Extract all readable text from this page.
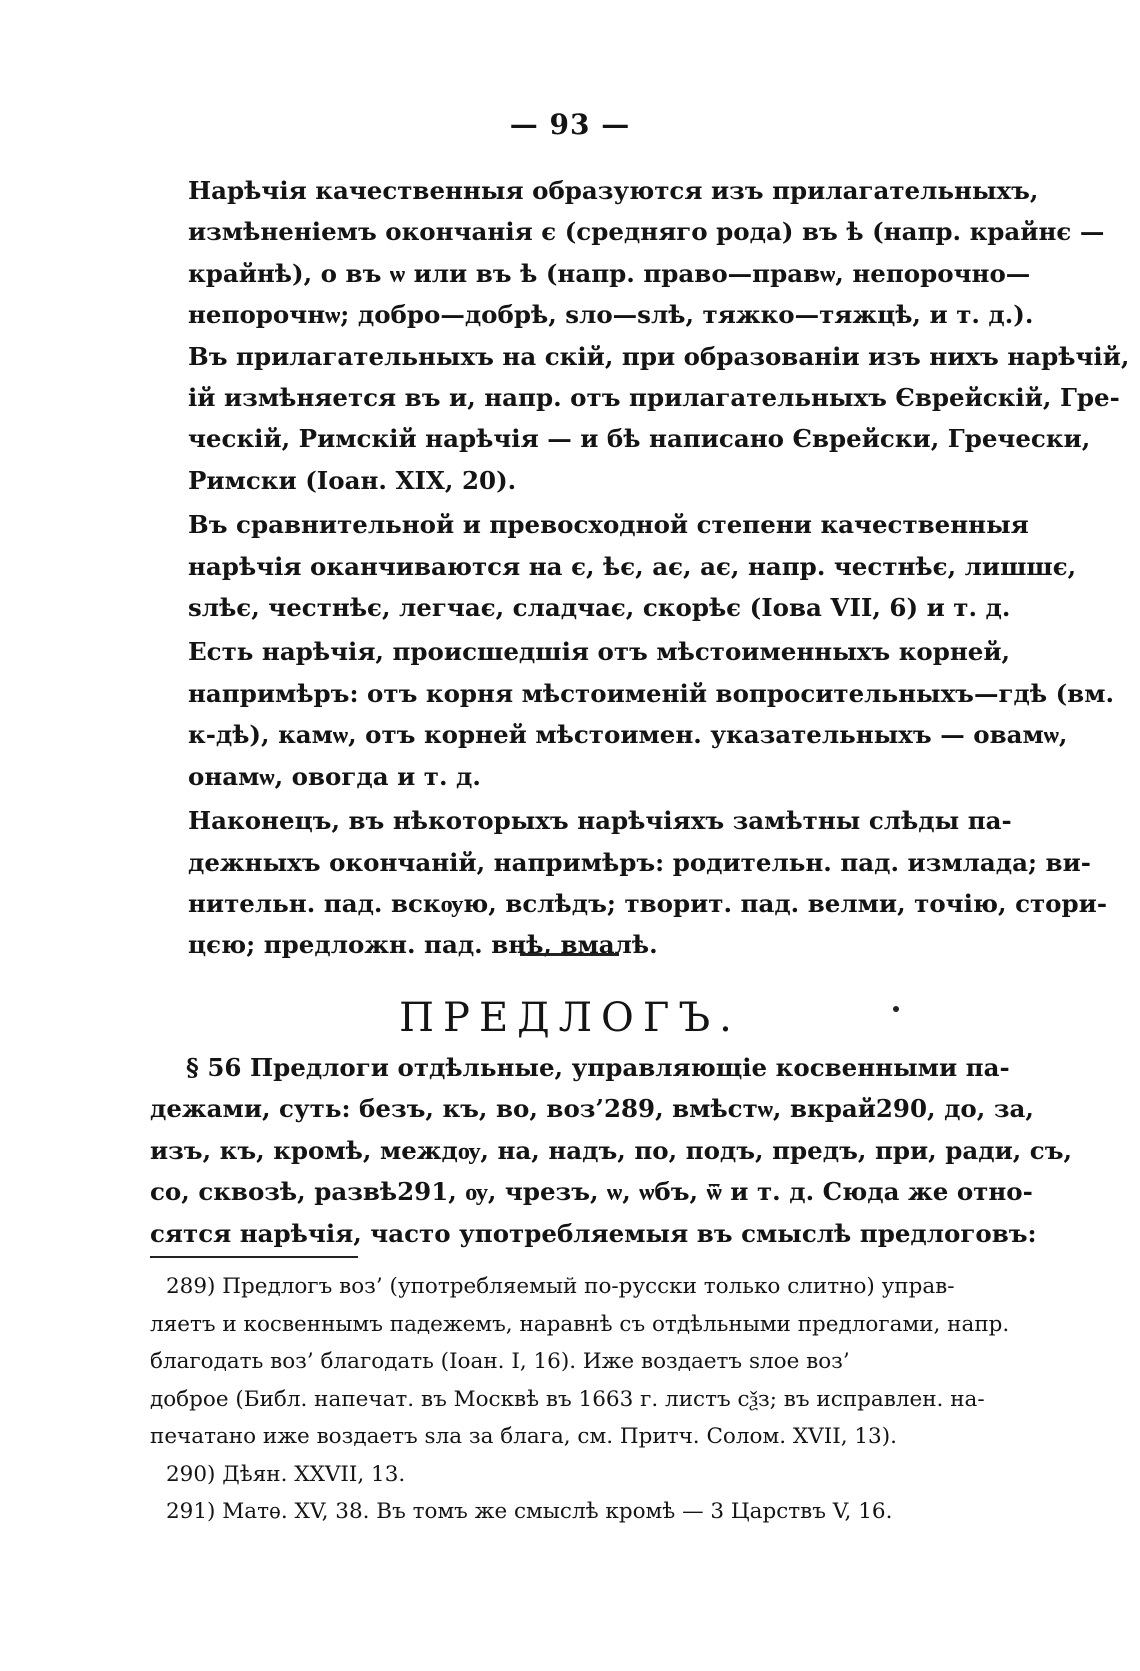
— 93 —

Нарѣчія качественныя образуются изъ прилагательныхъ,
измѣненіемъ окончанія є (средняго рода) въ ѣ (напр. крайнє —
крайнѣ), о въ ѡ или въ ѣ (напр. право—правѡ, непорочно—
непорочнѡ; добро—добрѣ, ѕло—ѕлѣ, тяжко—тяжцѣ, и т. д.).
Въ прилагательныхъ на скій, при образованіи изъ нихъ нарѣчій,
ій измѣняется въ и, напр. отъ прилагательныхъ Єврейскій, Гре-
ческій, Римскій нарѣчія — и бѣ написано Єврейски, Гречески,
Римски (Іоан. XIX, 20).

Въ сравнительной и превосходной степени качественныя
нарѣчія оканчиваются на є, ѣє, ає, ає, напр. честнѣє, лишшє,
ѕлѣє, честнѣє, легчає, сладчає, скорѣє (Іова VII, 6) и т. д.

Есть нарѣчія, происшедшія отъ мѣстоименныхъ корней,
напримѣръ: отъ корня мѣстоименій вопросительныхъ—гдѣ (вм.
к-дѣ), камѡ, отъ корней мѣстоимен. указательныхъ — овамѡ,
онамѡ, овогда и т. д.

Наконецъ, въ нѣкоторыхъ нарѣчіяхъ замѣтны слѣды па-
дежныхъ окончаній, напримѣръ: родительн. пад. измлада; ви-
нительн. пад. вскѹю, вслѣдъ; творит. пад. велми, точію, стори-
цєю; предложн. пад. внѣ, вмалѣ.

ПРЕДЛОГЪ.
§ 56 Предлоги отдѣльные, управляющіе косвенными па-
дежами, суть: безъ, къ, во, воз’289, вмѣстѡ, вкрай290, до, за,
изъ, къ, кромѣ, междѹ, на, надъ, по, подъ, предъ, при, ради, съ,
со, сквозѣ, развѣ291, ѹ, чрезъ, ѡ, ѡбъ, ѿ и т. д. Сюда же отно-
сятся нарѣчія, часто употребляемыя въ смыслѣ предлоговъ:
289) Предлогъ воз’ (употребляемый по-русски только слитно) управ-
ляетъ и косвеннымъ падежемъ, наравнѣ съ отдѣльными предлогами, напр.
благодать воз’ благодать (Іоан. I, 16). Иже воздаетъ ѕлое воз’
доброе (Библ. напечат. въ Москвѣ въ 1663 г. листъ сѯз; въ исправлен. на-
печатано иже воздаетъ ѕла за блага, см. Притч. Солом. XVII, 13).
290) Дѣян. XXVII, 13.
291) Матѳ. XV, 38. Въ томъ же смыслѣ кромѣ — 3 Царствъ V, 16.
